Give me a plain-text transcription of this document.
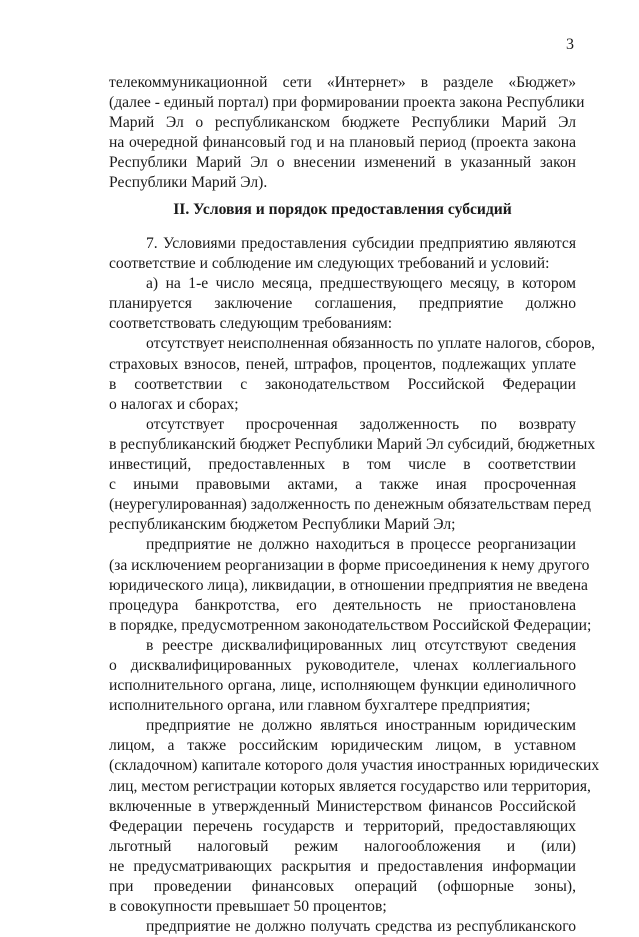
3
телекоммуникационной сети «Интернет» в разделе «Бюджет»
(далее - единый портал) при формировании проекта закона Республики
Марий Эл о республиканском бюджете Республики Марий Эл
на очередной финансовый год и на плановый период (проекта закона
Республики Марий Эл о внесении изменений в указанный закон
Республики Марий Эл).
II. Условия и порядок предоставления субсидий
7. Условиями предоставления субсидии предприятию являются
соответствие и соблюдение им следующих требований и условий:
а) на 1-е число месяца, предшествующего месяцу, в котором
планируется заключение соглашения, предприятие должно
соответствовать следующим требованиям:
отсутствует неисполненная обязанность по уплате налогов, сборов,
страховых взносов, пеней, штрафов, процентов, подлежащих уплате
в соответствии с законодательством Российской Федерации
о налогах и сборах;
отсутствует просроченная задолженность по возврату
в республиканский бюджет Республики Марий Эл субсидий, бюджетных
инвестиций, предоставленных в том числе в соответствии
с иными правовыми актами, а также иная просроченная
(неурегулированная) задолженность по денежным обязательствам перед
республиканским бюджетом Республики Марий Эл;
предприятие не должно находиться в процессе реорганизации
(за исключением реорганизации в форме присоединения к нему другого
юридического лица), ликвидации, в отношении предприятия не введена
процедура банкротства, его деятельность не приостановлена
в порядке, предусмотренном законодательством Российской Федерации;
в реестре дисквалифицированных лиц отсутствуют сведения
о дисквалифицированных руководителе, членах коллегиального
исполнительного органа, лице, исполняющем функции единоличного
исполнительного органа, или главном бухгалтере предприятия;
предприятие не должно являться иностранным юридическим
лицом, а также российским юридическим лицом, в уставном
(складочном) капитале которого доля участия иностранных юридических
лиц, местом регистрации которых является государство или территория,
включенные в утвержденный Министерством финансов Российской
Федерации перечень государств и территорий, предоставляющих
льготный налоговый режим налогообложения и (или)
не предусматривающих раскрытия и предоставления информации
при проведении финансовых операций (офшорные зоны),
в совокупности превышает 50 процентов;
предприятие не должно получать средства из республиканского
